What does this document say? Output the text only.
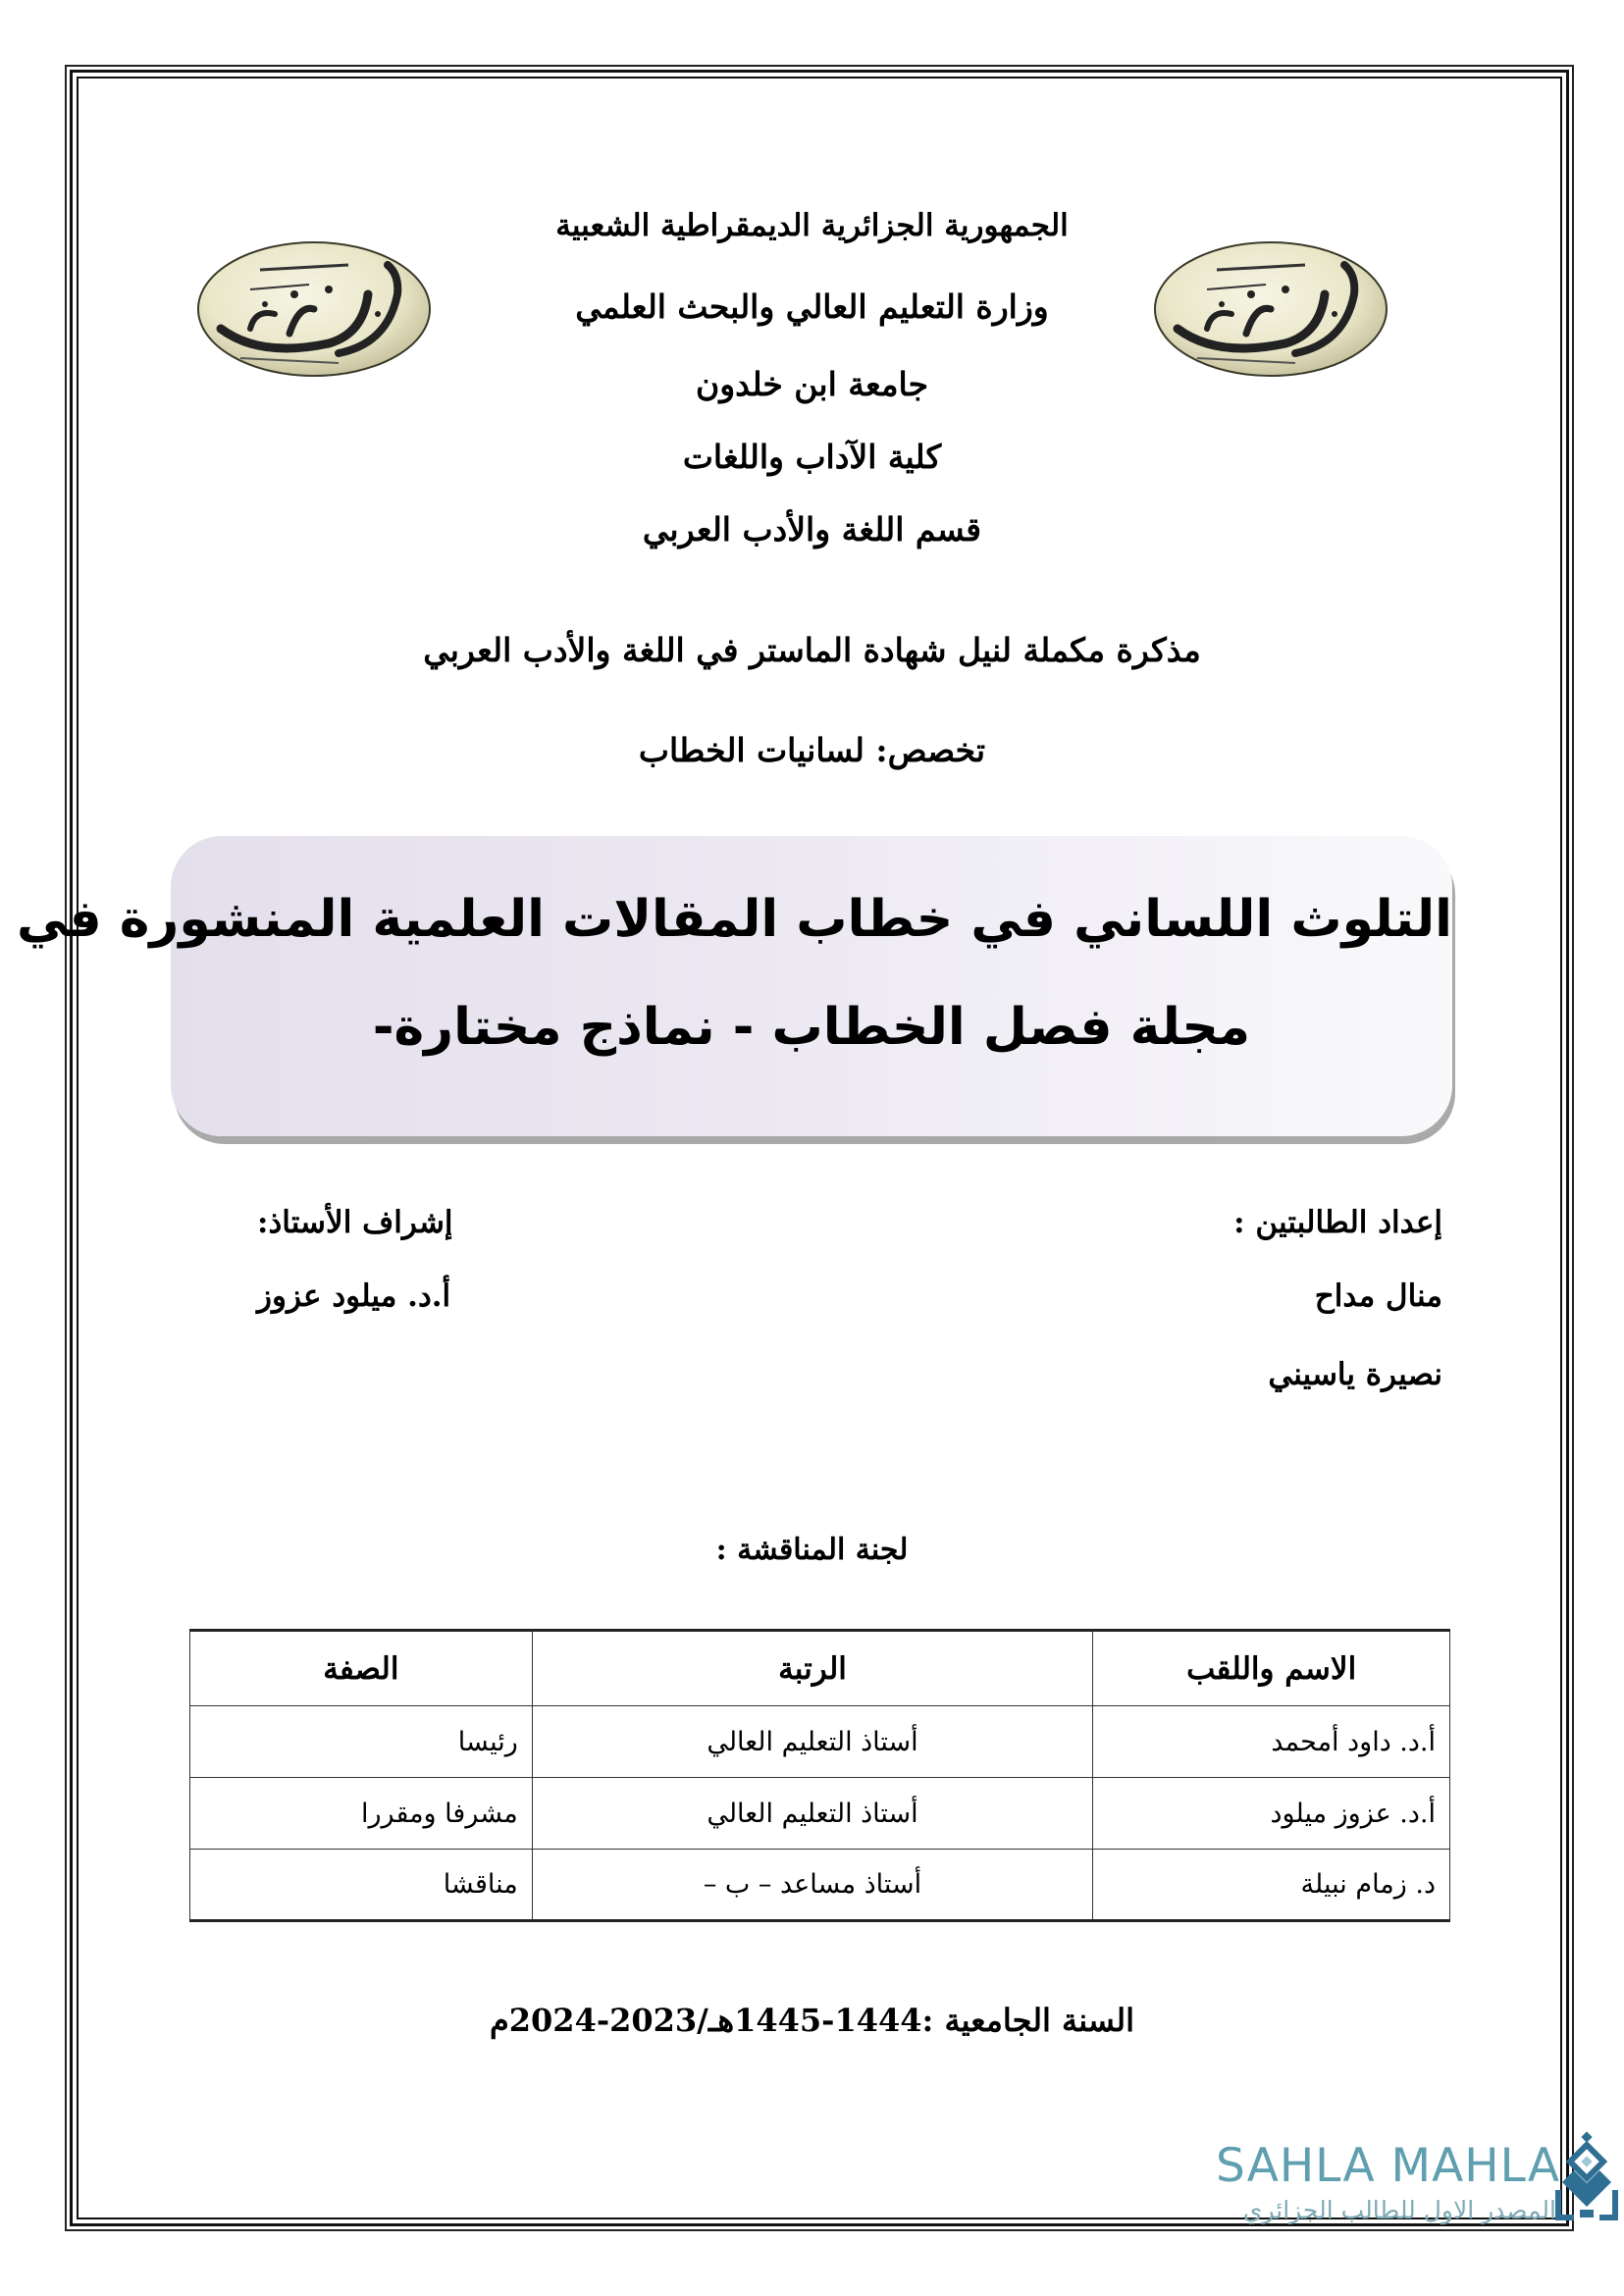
الجمهورية الجزائرية الديمقراطية الشعبية
وزارة التعليم العالي والبحث العلمي
جامعة ابن خلدون
كلية الآداب واللغات
قسم اللغة والأدب العربي
مذكرة مكملة لنيل شهادة الماستر في اللغة والأدب العربي
تخصص: لسانيات الخطاب
التلوث اللساني في خطاب المقالات العلمية المنشورة في
مجلة فصل الخطاب - نماذج مختارة-
إعداد الطالبتين :
منال مداح
نصيرة ياسيني
إشراف الأستاذ:
أ.د. ميلود عزوز
لجنة المناقشة :
الاسم واللقب	الرتبة	الصفة
أ.د. داود أمحمد	أستاذ التعليم العالي	رئيسا
أ.د. عزوز ميلود	أستاذ التعليم العالي	مشرفا ومقررا
د. زمام نبيلة	أستاذ مساعد – ب –	مناقشا
السنة الجامعية :1444-1445هـ/2023-2024م
SAHLA MAHLA
المصدر الاول للطالب الجزائري
